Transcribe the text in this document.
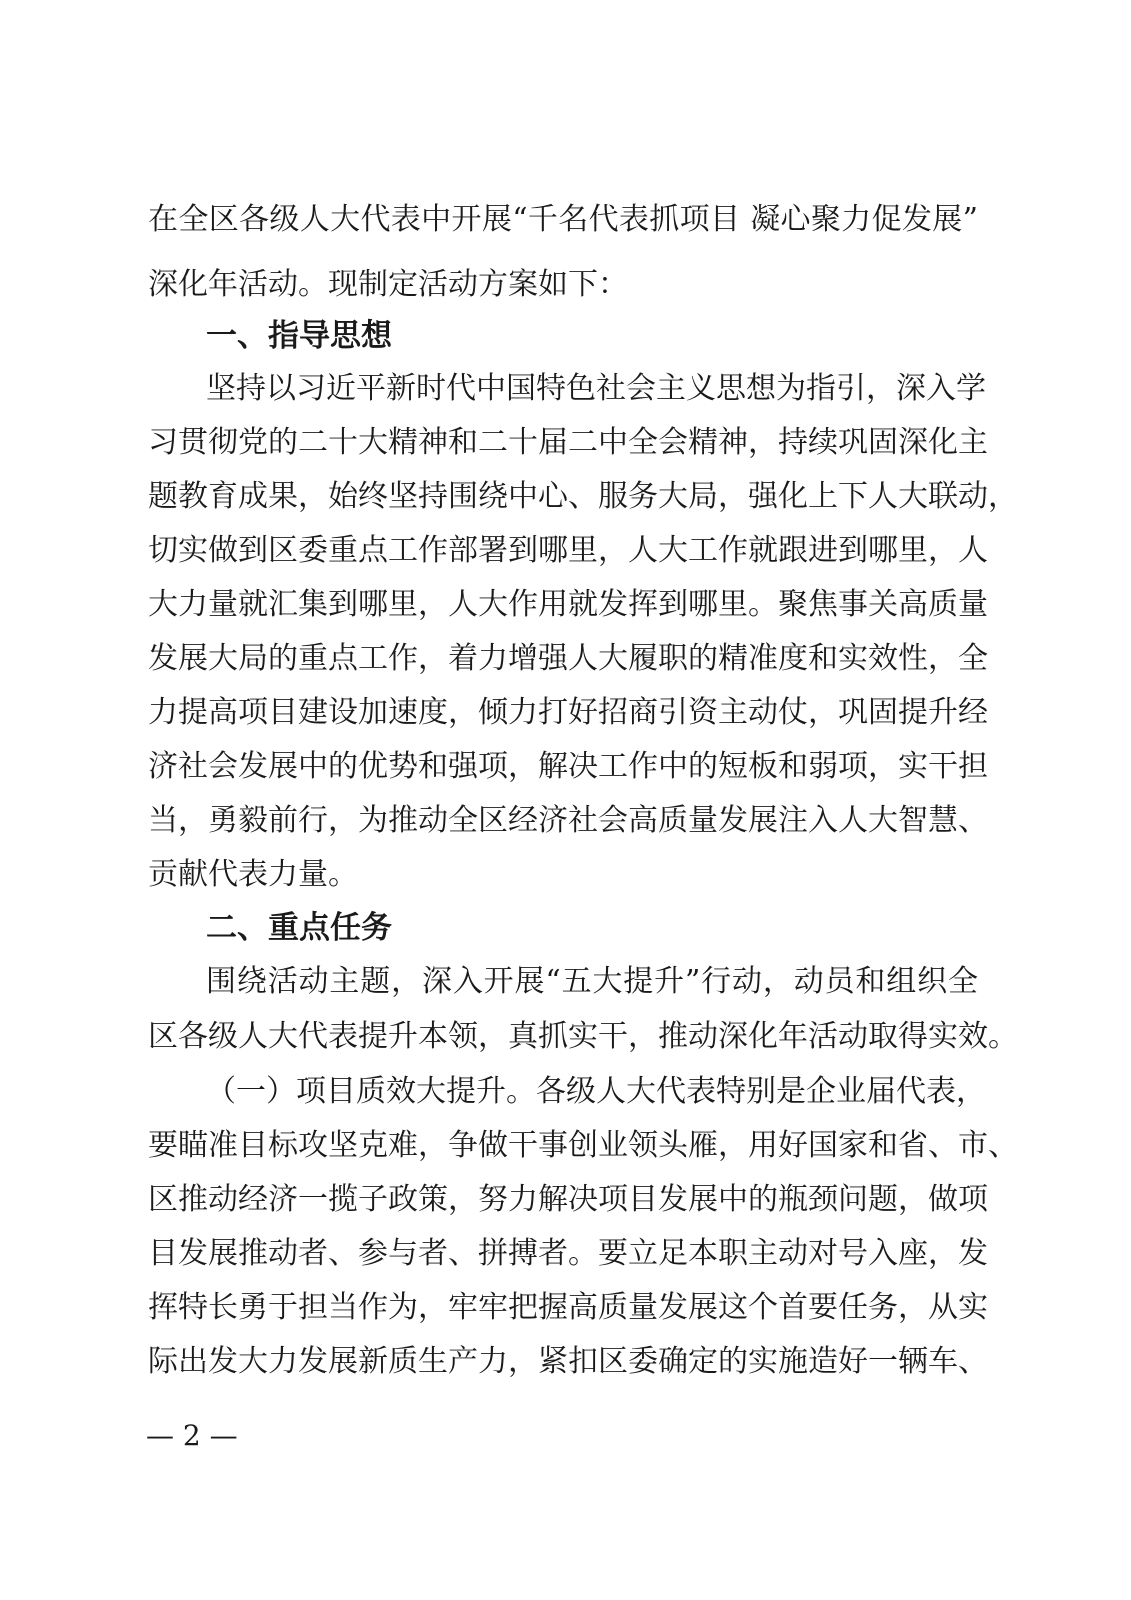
在全区各级人大代表中开展“千名代表抓项目 凝心聚力促发展”
深化年活动。现制定活动方案如下：
一、指导思想
坚持以习近平新时代中国特色社会主义思想为指引，深入学
习贯彻党的二十大精神和二十届二中全会精神，持续巩固深化主
题教育成果，始终坚持围绕中心、服务大局，强化上下人大联动，
切实做到区委重点工作部署到哪里，人大工作就跟进到哪里，人
大力量就汇集到哪里，人大作用就发挥到哪里。聚焦事关高质量
发展大局的重点工作，着力增强人大履职的精准度和实效性，全
力提高项目建设加速度，倾力打好招商引资主动仗，巩固提升经
济社会发展中的优势和强项，解决工作中的短板和弱项，实干担
当，勇毅前行，为推动全区经济社会高质量发展注入人大智慧、
贡献代表力量。
二、重点任务
围绕活动主题，深入开展“五大提升”行动，动员和组织全
区各级人大代表提升本领，真抓实干，推动深化年活动取得实效。
（一）项目质效大提升。各级人大代表特别是企业届代表，
要瞄准目标攻坚克难，争做干事创业领头雁，用好国家和省、市、
区推动经济一揽子政策，努力解决项目发展中的瓶颈问题，做项
目发展推动者、参与者、拼搏者。要立足本职主动对号入座，发
挥特长勇于担当作为，牢牢把握高质量发展这个首要任务，从实
际出发大力发展新质生产力，紧扣区委确定的实施造好一辆车、
— 2 —
